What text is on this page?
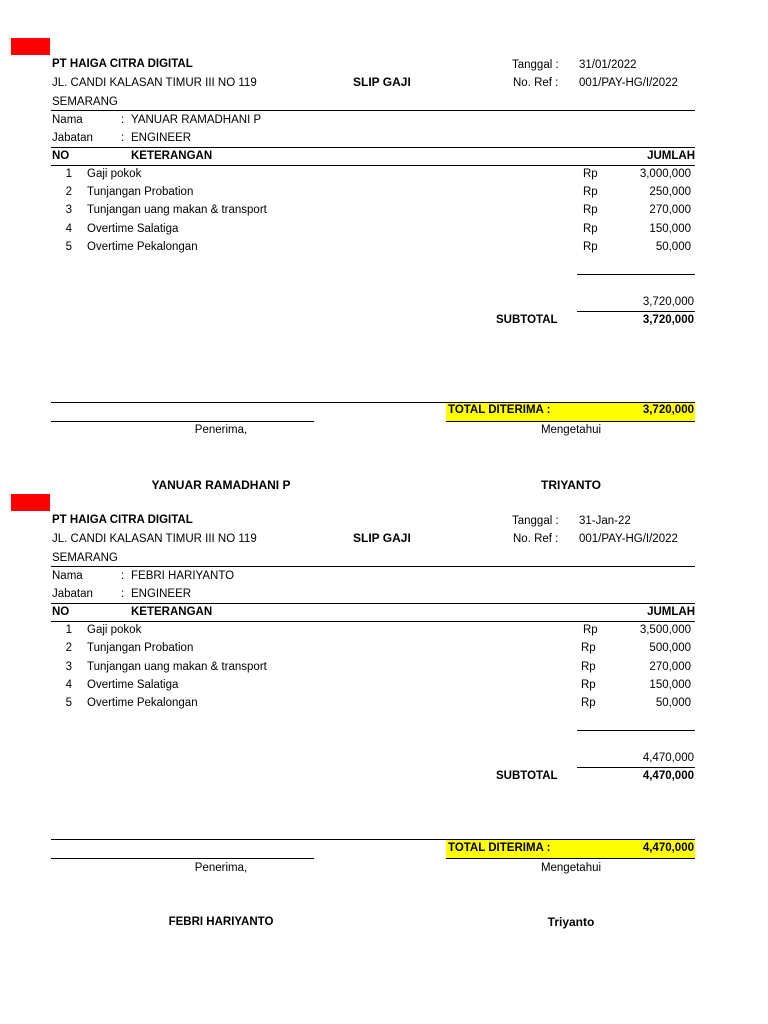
PT HAIGA CITRA DIGITAL
JL. CANDI KALASAN TIMUR III NO 119
SEMARANG
SLIP GAJI
Tanggal : 31/01/2022
No. Ref : 001/PAY-HG/I/2022
Nama	: YANUAR RAMADHANI P
Jabatan : ENGINEER
NO	KETERANGAN	JUMLAH
1 Gaji pokok	Rp	3,000,000
2 Tunjangan Probation	Rp	250,000
3 Tunjangan uang makan & transport	Rp	270,000
4 Overtime Salatiga	Rp	150,000
5 Overtime Pekalongan	Rp	50,000
3,720,000
SUBTOTAL	3,720,000
TOTAL DITERIMA :	3,720,000
Penerima,	Mengetahui
YANUAR RAMADHANI P	TRIYANTO
PT HAIGA CITRA DIGITAL
JL. CANDI KALASAN TIMUR III NO 119
SEMARANG
SLIP GAJI
Tanggal : 31-Jan-22
No. Ref : 001/PAY-HG/I/2022
Nama	: FEBRI HARIYANTO
Jabatan : ENGINEER
NO	KETERANGAN	JUMLAH
1 Gaji pokok	Rp	3,500,000
2 Tunjangan Probation	Rp	500,000
3 Tunjangan uang makan & transport	Rp	270,000
4 Overtime Salatiga	Rp	150,000
5 Overtime Pekalongan	Rp	50,000
4,470,000
SUBTOTAL	4,470,000
TOTAL DITERIMA :	4,470,000
Penerima,	Mengetahui
FEBRI HARIYANTO	Triyanto
